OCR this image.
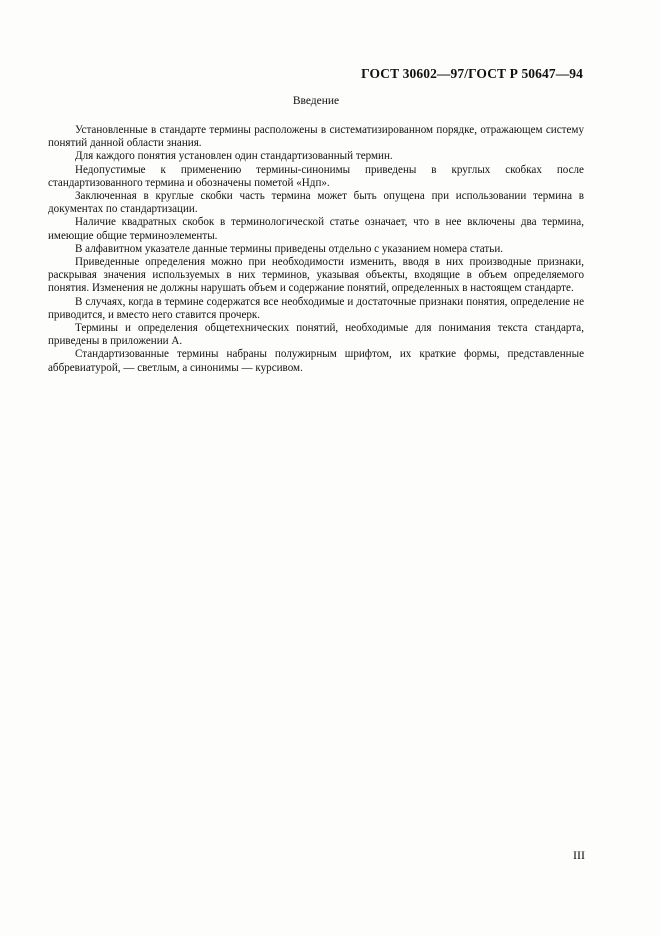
ГОСТ 30602—97/ГОСТ Р 50647—94
Введение

Установленные в стандарте термины расположены в систематизированном порядке, отражающем систему понятий данной области знания.

Для каждого понятия установлен один стандартизованный термин.

Недопустимые к применению термины-синонимы приведены в круглых скобках после стандартизованного термина и обозначены пометой «Ндп».

Заключенная в круглые скобки часть термина может быть опущена при использовании термина в документах по стандартизации.

Наличие квадратных скобок в терминологической статье означает, что в нее включены два термина, имеющие общие терминоэлементы.

В алфавитном указателе данные термины приведены отдельно с указанием номера статьи.

Приведенные определения можно при необходимости изменить, вводя в них производные признаки, раскрывая значения используемых в них терминов, указывая объекты, входящие в объем определяемого понятия. Изменения не должны нарушать объем и содержание понятий, определенных в настоящем стандарте.

В случаях, когда в термине содержатся все необходимые и достаточные признаки понятия, определение не приводится, и вместо него ставится прочерк.

Термины и определения общетехнических понятий, необходимые для понимания текста стандарта, приведены в приложении А.

Стандартизованные термины набраны полужирным шрифтом, их краткие формы, представленные аббревиатурой, — светлым, а синонимы — курсивом.

III
